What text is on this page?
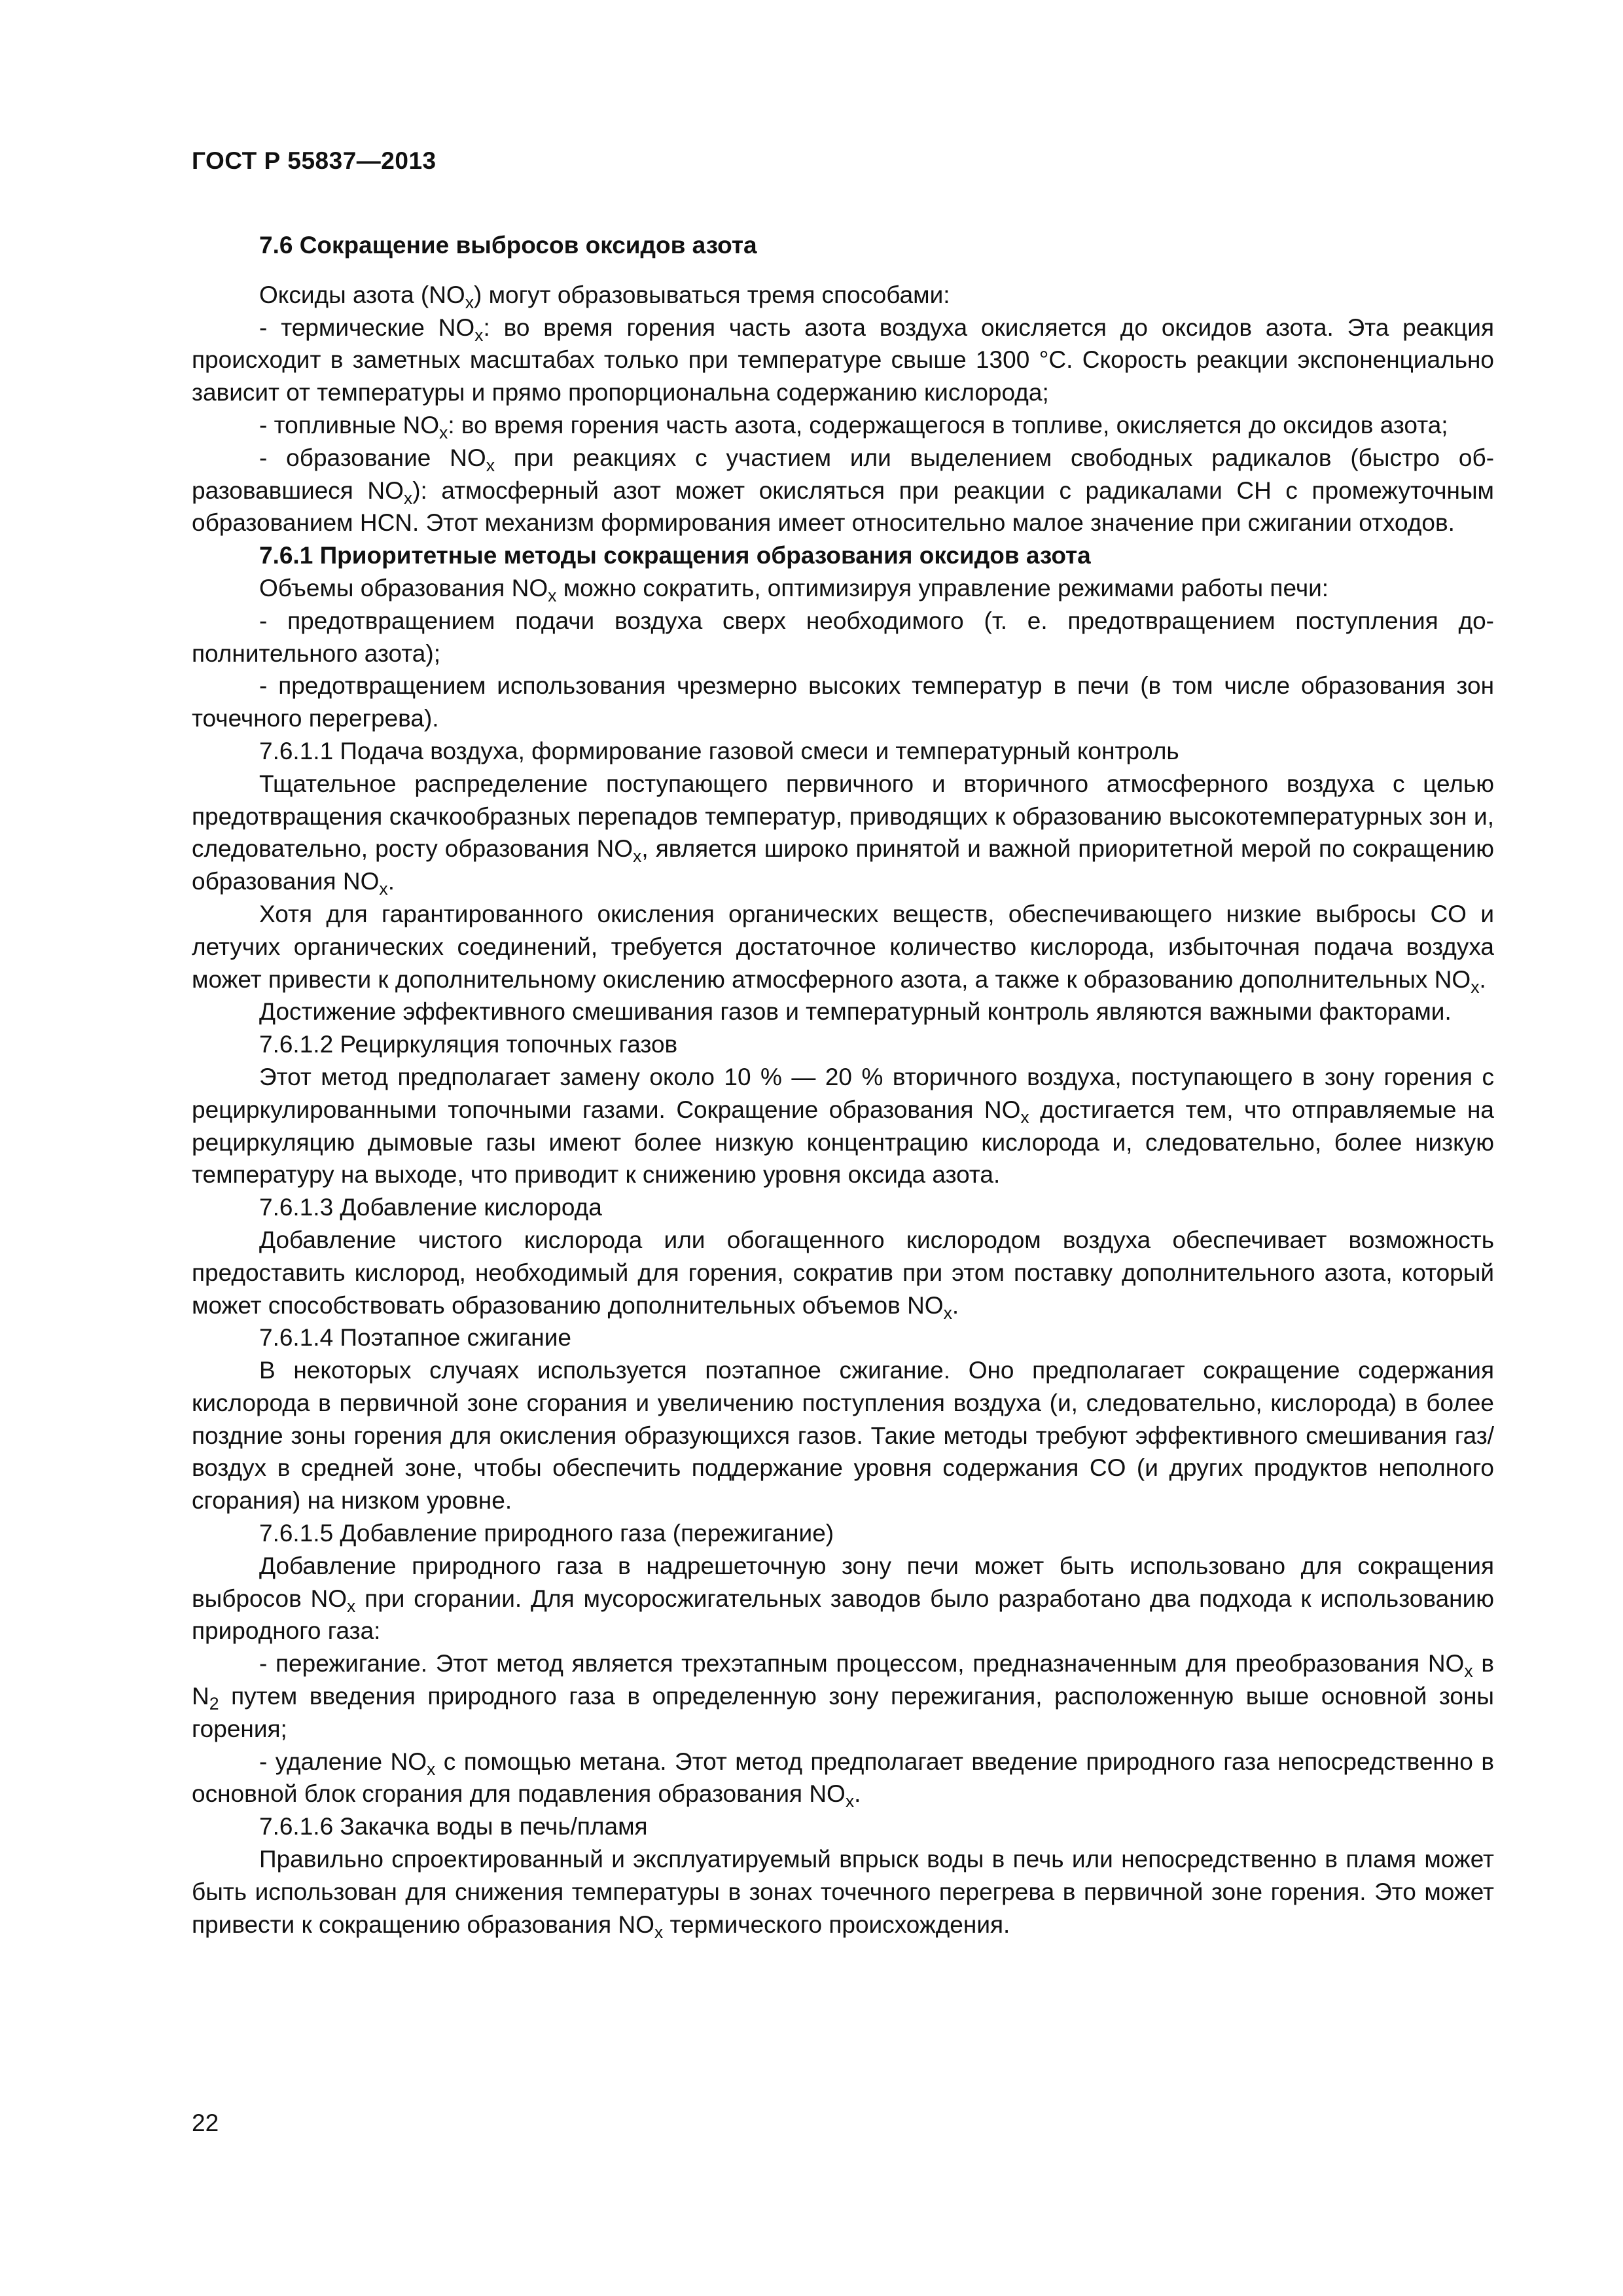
ГОСТ Р 55837—2013

7.6 Сокращение выбросов оксидов азота

Оксиды азота $(NO_x)$ могут образовываться тремя способами:

- термические $NO_x$: во время горения часть азота воздуха окисляется до оксидов азота. Эта реакция происходит в заметных масштабах только при температуре свыше 1300 °C. Скорость реакции экспоненциально зависит от температуры и прямо пропорциональна содержанию кислорода;

- топливные $NO_x$: во время горения часть азота, содержащегося в топливе, окисляется до оксидов азота;

- образование $NO_x$ при реакциях с участием или выделением свободных радикалов (быстро образовавшиеся $NO_x$): атмосферный азот может окисляться при реакции с радикалами CH с промежуточным образованием HCN. Этот механизм формирования имеет относительно малое значение при сжигании отходов.

7.6.1 Приоритетные методы сокращения образования оксидов азота

Объемы образования $NO_x$ можно сократить, оптимизируя управление режимами работы печи:

- предотвращением подачи воздуха сверх необходимого (т. е. предотвращением поступления дополнительного азота);

- предотвращением использования чрезмерно высоких температур в печи (в том числе образования зон точечного перегрева).

7.6.1.1 Подача воздуха, формирование газовой смеси и температурный контроль

Тщательное распределение поступающего первичного и вторичного атмосферного воздуха с целью предотвращения скачкообразных перепадов температур, приводящих к образованию высокотемпературных зон и, следовательно, росту образования $NO_x$, является широко принятой и важной приоритетной мерой по сокращению образования $NO_x$.

Хотя для гарантированного окисления органических веществ, обеспечивающего низкие выбросы CO и летучих органических соединений, требуется достаточное количество кислорода, избыточная подача воздуха может привести к дополнительному окислению атмосферного азота, а также к образованию дополнительных $NO_x$.

Достижение эффективного смешивания газов и температурный контроль являются важными факторами.

7.6.1.2 Рециркуляция топочных газов

Этот метод предполагает замену около 10 % — 20 % вторичного воздуха, поступающего в зону горения с рециркулированными топочными газами. Сокращение образования $NO_x$ достигается тем, что отправляемые на рециркуляцию дымовые газы имеют более низкую концентрацию кислорода и, следовательно, более низкую температуру на выходе, что приводит к снижению уровня оксида азота.

7.6.1.3 Добавление кислорода

Добавление чистого кислорода или обогащенного кислородом воздуха обеспечивает возможность предоставить кислород, необходимый для горения, сократив при этом поставку дополнительного азота, который может способствовать образованию дополнительных объемов $NO_x$.

7.6.1.4 Поэтапное сжигание

В некоторых случаях используется поэтапное сжигание. Оно предполагает сокращение содержания кислорода в первичной зоне сгорания и увеличению поступления воздуха (и, следовательно, кислорода) в более поздние зоны горения для окисления образующихся газов. Такие методы требуют эффективного смешивания газ/воздух в средней зоне, чтобы обеспечить поддержание уровня содержания CO (и других продуктов неполного сгорания) на низком уровне.

7.6.1.5 Добавление природного газа (пережигание)

Добавление природного газа в надрешеточную зону печи может быть использовано для сокращения выбросов $NO_x$ при сгорании. Для мусоросжигательных заводов было разработано два подхода к использованию природного газа:

- пережигание. Этот метод является трехэтапным процессом, предназначенным для преобразования $NO_x$ в $N_2$ путем введения природного газа в определенную зону пережигания, расположенную выше основной зоны горения;

- удаление $NO_x$ с помощью метана. Этот метод предполагает введение природного газа непосредственно в основной блок сгорания для подавления образования $NO_x$.

7.6.1.6 Закачка воды в печь/пламя

Правильно спроектированный и эксплуатируемый впрыск воды в печь или непосредственно в пламя может быть использован для снижения температуры в зонах точечного перегрева в первичной зоне горения. Это может привести к сокращению образования $NO_x$ термического происхождения.

22
